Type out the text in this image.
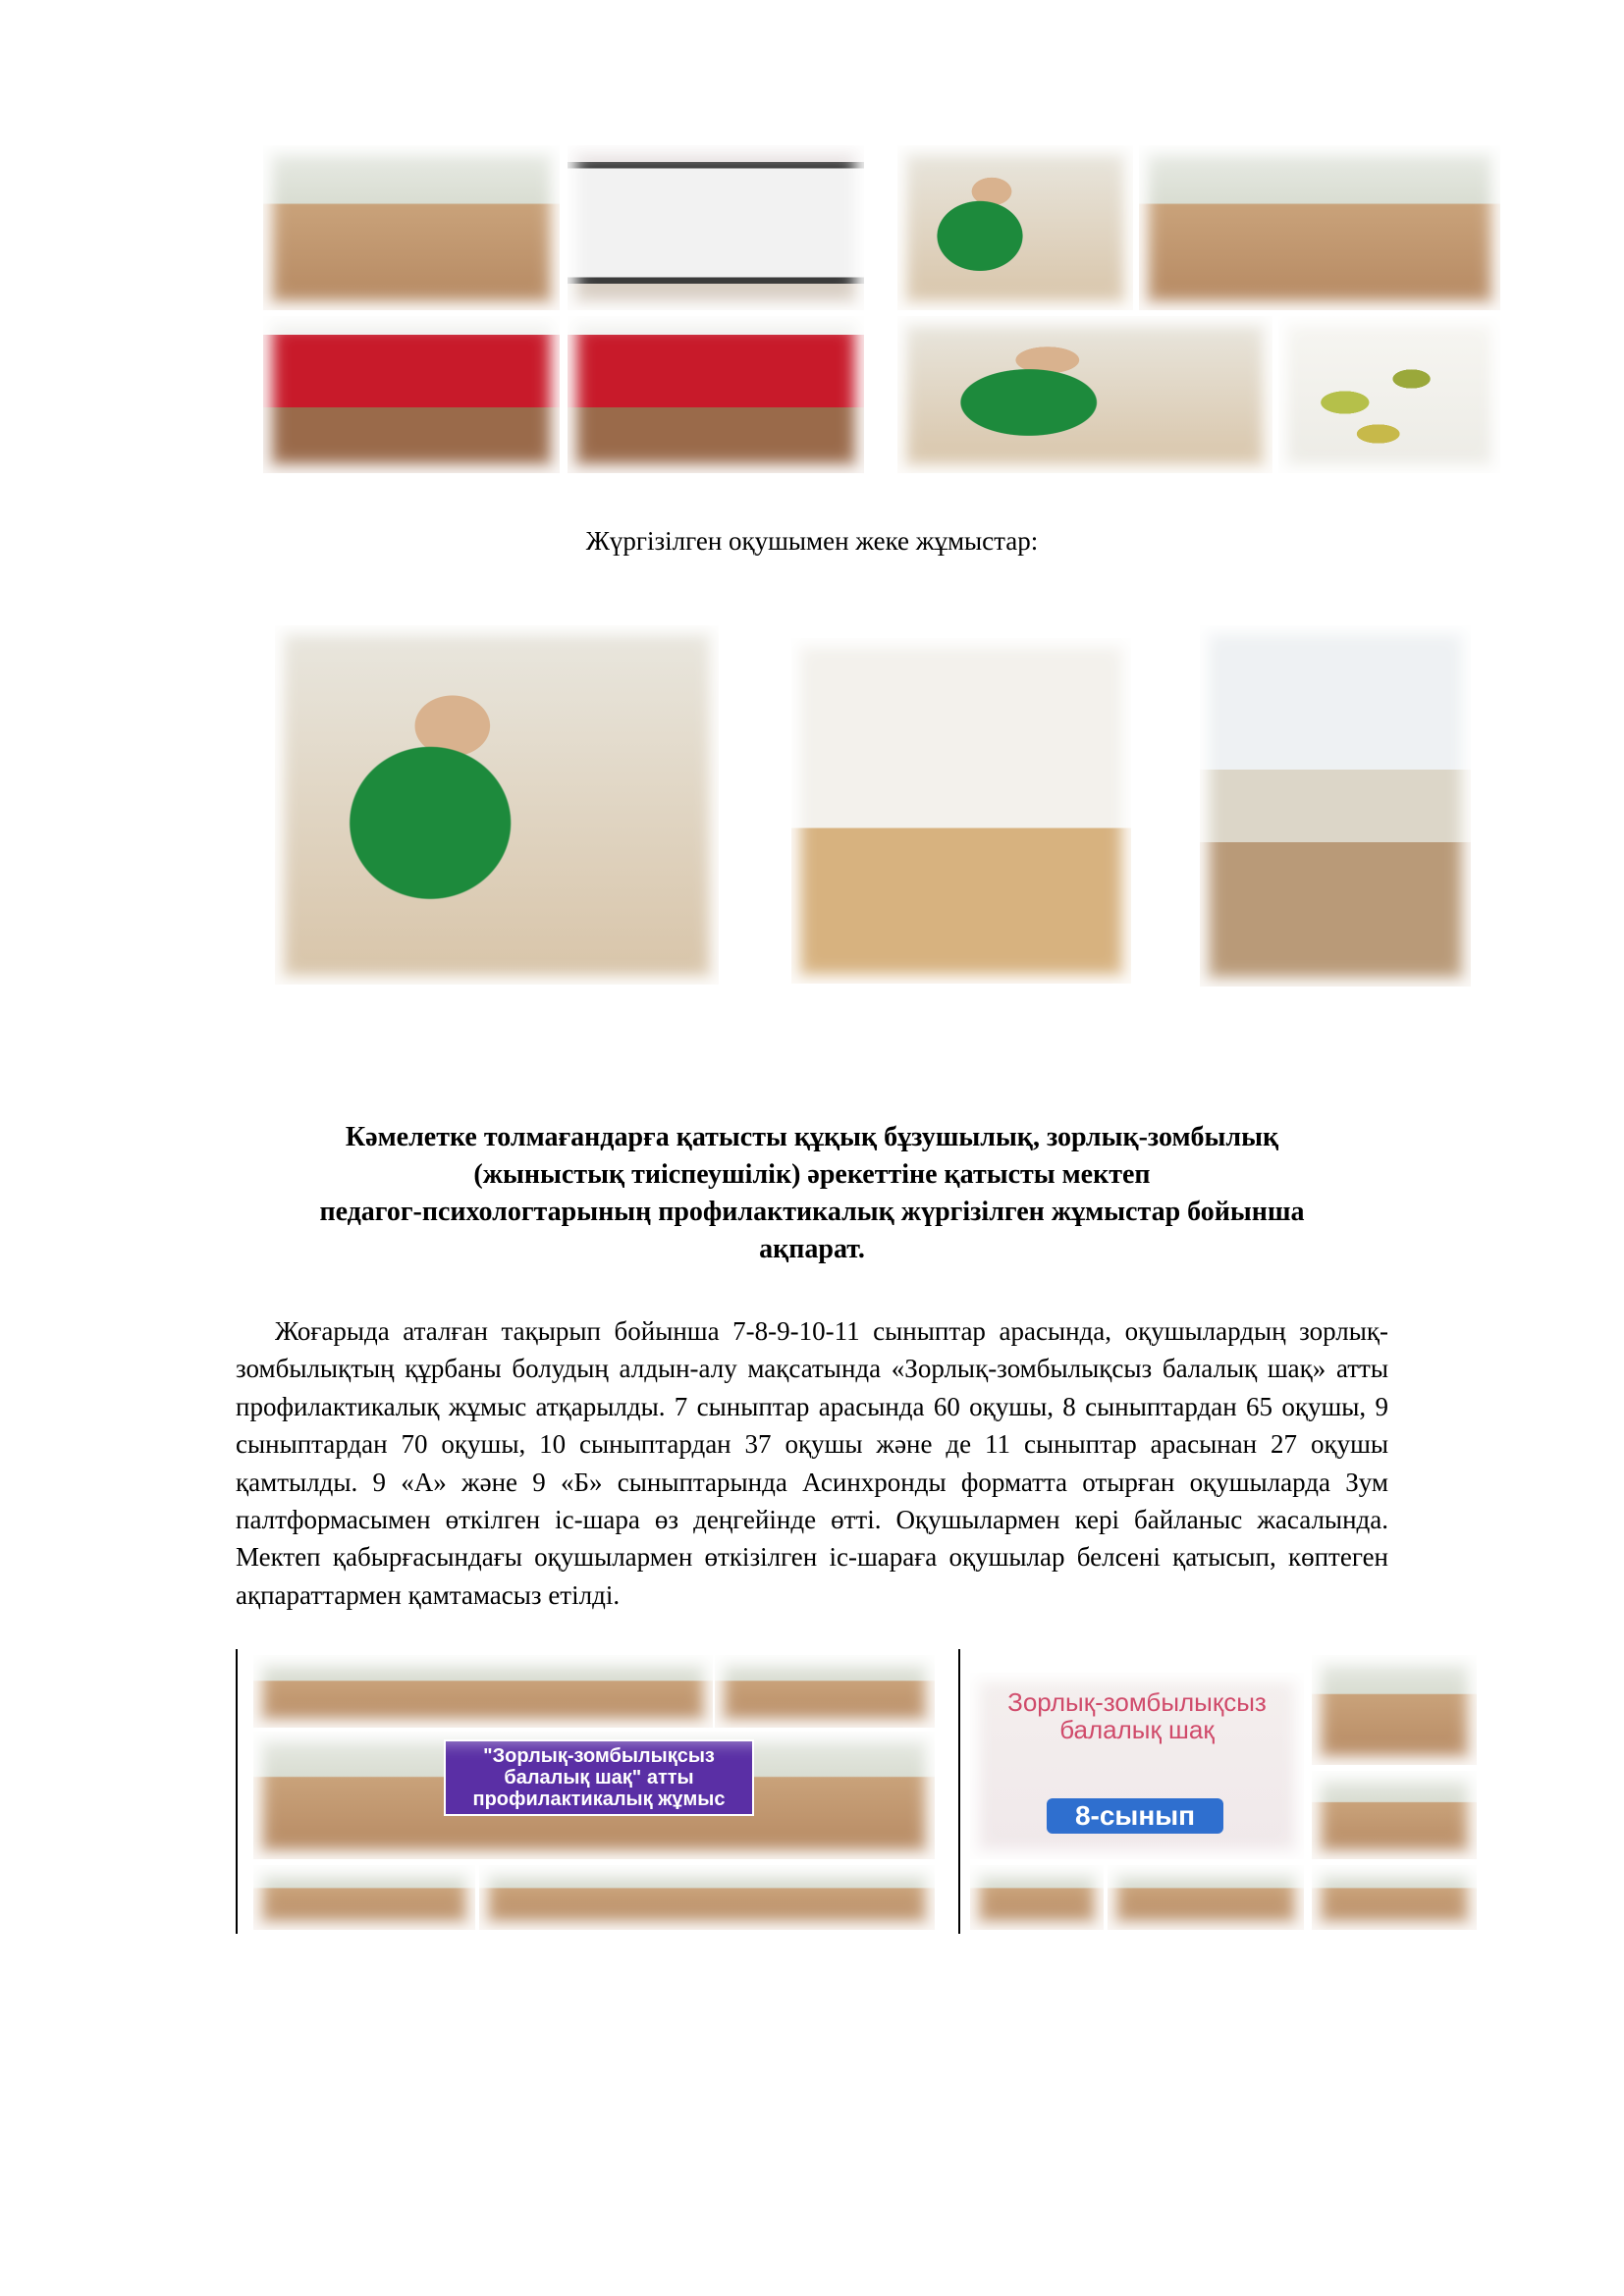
Жүргізілген оқушымен жеке жұмыстар:
Кәмелетке толмағандарға қатысты құқық бұзушылық, зорлық-зомбылық
(жыныстық тиіспеушілік) әрекеттіне қатысты мектеп
педагог-психологтарының профилактикалық жүргізілген жұмыстар бойынша
ақпарат.
Жоғарыда аталған тақырып бойынша 7-8-9-10-11 сыныптар арасында, оқушылардың зорлық-зомбылықтың құрбаны болудың алдын-алу мақсатында «Зорлық-зомбылықсыз балалық шақ» атты профилактикалық жұмыс атқарылды. 7 сыныптар арасында 60 оқушы, 8 сыныптардан 65 оқушы, 9 сыныптардан 70 оқушы, 10 сыныптардан 37 оқушы және де 11 сыныптар арасынан 27 оқушы қамтылды. 9 «А» және 9 «Б» сыныптарында Асинхронды форматта отырған оқушыларда Зум палтформасымен өткілген іс-шара өз деңгейінде өтті. Оқушылармен кері байланыс жасалында. Мектеп қабырғасындағы оқушылармен өткізілген іс-шараға оқушылар белсені қатысып, көптеген ақпараттармен қамтамасыз етілді.
"Зорлық-зомбылықсыз балалық шақ" атты профилактикалық жұмыс
Зорлық-зомбылықсыз балалық шақ
8-сынып
